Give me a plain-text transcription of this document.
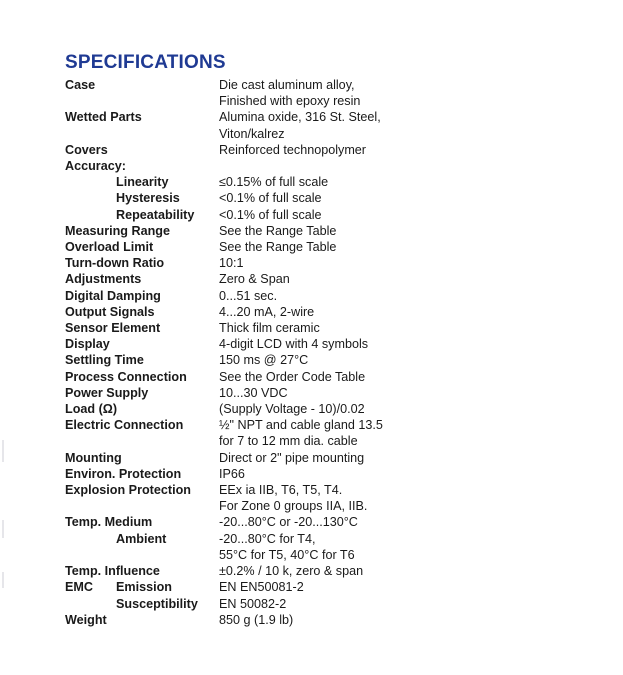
SPECIFICATIONS
Case	Die cast aluminum alloy,
Finished with epoxy resin
Wetted Parts	Alumina oxide, 316 St. Steel,
Viton/kalrez
Covers	Reinforced technopolymer
Accuracy:
Linearity	≤0.15% of full scale
Hysteresis	<0.1% of full scale
Repeatability	<0.1% of full scale
Measuring Range	See the Range Table
Overload Limit	See the Range Table
Turn-down Ratio	10:1
Adjustments	Zero & Span
Digital Damping	0...51 sec.
Output Signals	4...20 mA, 2-wire
Sensor Element	Thick film ceramic
Display	4-digit LCD with 4 symbols
Settling Time	150 ms @ 27°C
Process Connection	See the Order Code Table
Power Supply	10...30 VDC
Load (Ω)	(Supply Voltage - 10)/0.02
Electric Connection	½" NPT and cable gland 13.5
for 7 to 12 mm dia. cable
Mounting	Direct or 2" pipe mounting
Environ. Protection	IP66
Explosion Protection	EEx ia IIB, T6, T5, T4.
For Zone 0 groups IIA, IIB.
Temp. Medium	-20...80°C or -20...130°C
Ambient	-20...80°C for T4,
55°C for T5, 40°C for T6
Temp. Influence	±0.2% / 10 k, zero & span
EMC	Emission	EN EN50081-2
Susceptibility	EN 50082-2
Weight	850 g (1.9 lb)
